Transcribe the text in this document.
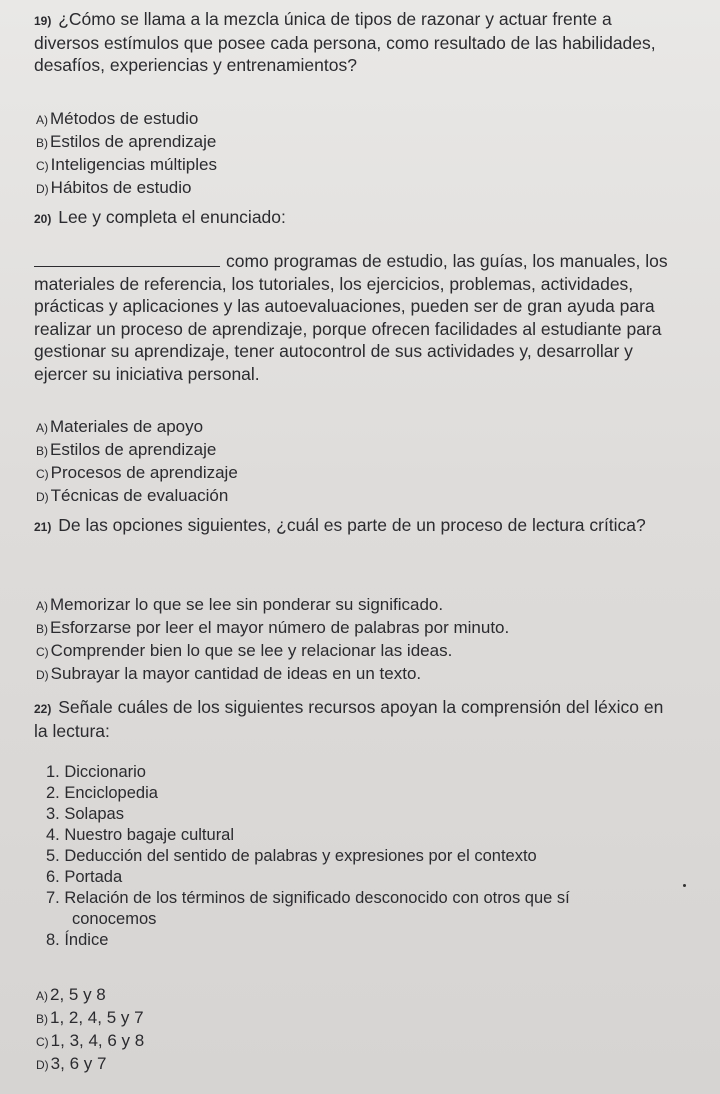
19) ¿Cómo se llama a la mezcla única de tipos de razonar y actuar frente a diversos estímulos que posee cada persona, como resultado de las habilidades, desafíos, experiencias y entrenamientos?
A) Métodos de estudio
B) Estilos de aprendizaje
C) Inteligencias múltiples
D) Hábitos de estudio
20) Lee y completa el enunciado:
como programas de estudio, las guías, los manuales, los materiales de referencia, los tutoriales, los ejercicios, problemas, actividades, prácticas y aplicaciones y las autoevaluaciones, pueden ser de gran ayuda para realizar un proceso de aprendizaje, porque ofrecen facilidades al estudiante para gestionar su aprendizaje, tener autocontrol de sus actividades y, desarrollar y ejercer su iniciativa personal.
A) Materiales de apoyo
B) Estilos de aprendizaje
C) Procesos de aprendizaje
D) Técnicas de evaluación
21) De las opciones siguientes, ¿cuál es parte de un proceso de lectura crítica?
A) Memorizar lo que se lee sin ponderar su significado.
B) Esforzarse por leer el mayor número de palabras por minuto.
C) Comprender bien lo que se lee y relacionar las ideas.
D) Subrayar la mayor cantidad de ideas en un texto.
22) Señale cuáles de los siguientes recursos apoyan la comprensión del léxico en la lectura:
1. Diccionario
2. Enciclopedia
3. Solapas
4. Nuestro bagaje cultural
5. Deducción del sentido de palabras y expresiones por el contexto
6. Portada
7. Relación de los términos de significado desconocido con otros que sí
conocemos
8. Índice
A) 2, 5 y 8
B) 1, 2, 4, 5 y 7
C) 1, 3, 4, 6 y 8
D) 3, 6 y 7
